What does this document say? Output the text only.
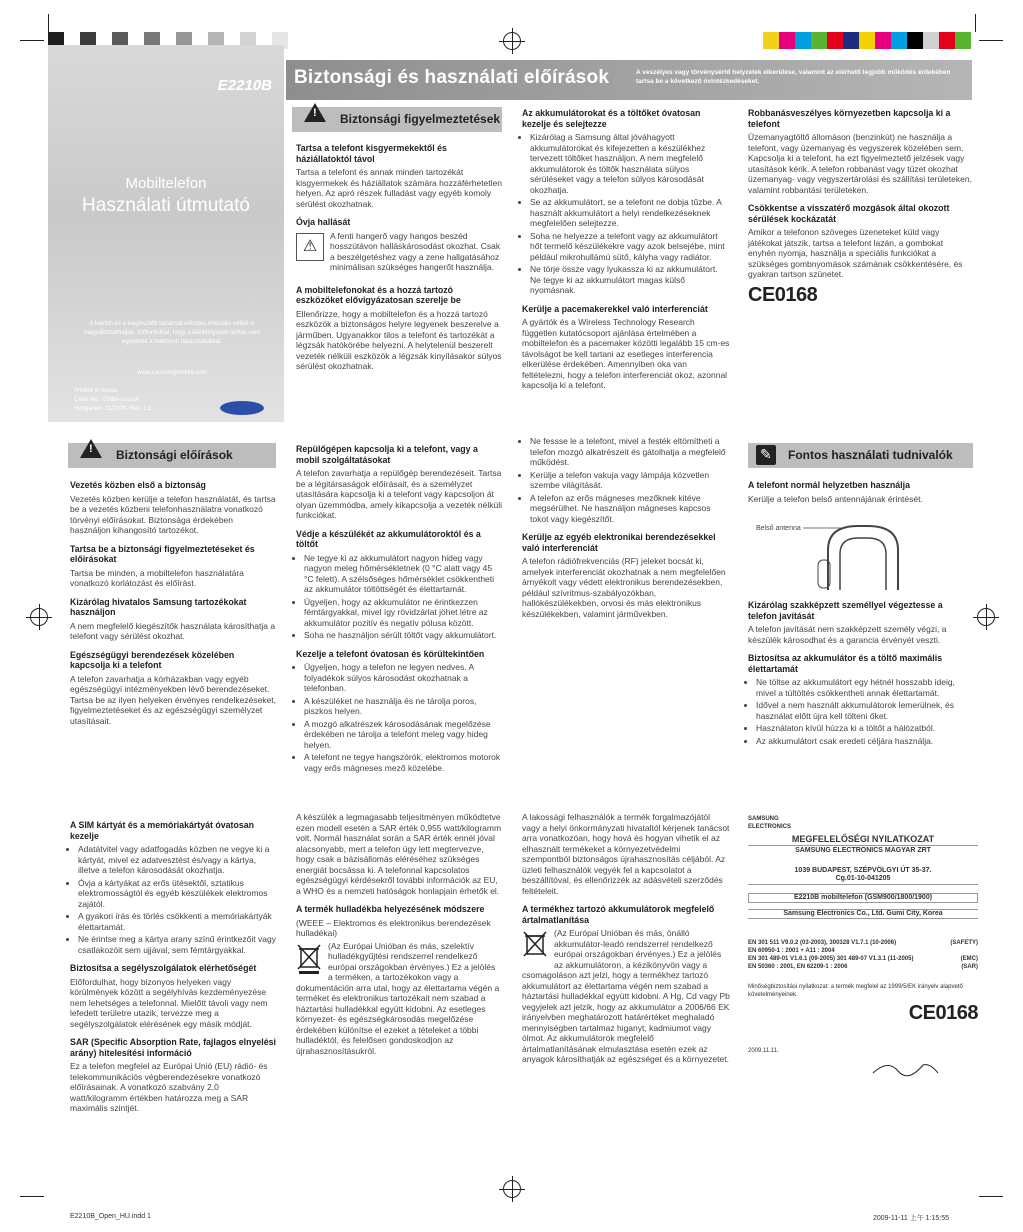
E2210B
Mobiltelefon
Használati útmutató
A telefon és a kiegészítők tartalmát előzetes értesítés nélkül is megváltoztathatjuk. Előfordulhat, hogy a kézikönyvben leírtak nem egyeznek a telefonon tapasztaltakkal.
www.samsungmobile.com
Printed in Korea
Code No.: GH68-xxxxxA
Hungarian. 11/2009. Rev. 1.1
Biztonsági és használati előírások	A veszélyes vagy törvénysértő helyzetek elkerülése, valamint az elérhető legjobb működés érdekében tartsa be a következő óvintézkedéseket.
!
Biztonsági figyelmeztetések
!
Biztonsági előírások
✎	Fontos használati tudnivalók
Tartsa a telefont kisgyermekektől és háziállatoktól távol

Tartsa a telefont és annak minden tartozékát kisgyermekek és háziállatok számára hozzáférhetetlen helyen. Az apró részek fulladást vagy egyéb komoly sérülést okozhatnak.

Óvja hallását
⚠

A fenti hangerő vagy hangos beszéd hosszútávon halláskárosodást okozhat. Csak a beszélgetéshez vagy a zene hallgatásához minimálisan szükséges hangerőt használja.

A mobiltelefonokat és a hozzá tartozó eszközöket elővigyázatosan szerelje be

Ellenőrizze, hogy a mobiltelefon és a hozzá tartozó eszközök a biztonságos helyre legyenek beszerelve a járműben. Ugyanakkor tilos a telefont és tartozékát a légzsák hatókörébe helyezni. A helytelenül beszerelt vezeték nélküli eszközök a légzsák kinyílásakor súlyos sérülést okozhatnak.

Az akkumulátorokat és a töltőket óvatosan kezelje és selejtezze
• Kizárólag a Samsung által jóváhagyott akkumulátorokat és kifejezetten a készülékhez tervezett töltőket használjon. A nem megfelelő akkumulátorok és töltők használata súlyos sérüléseket vagy a telefon súlyos károsodását okozhatja.
• Se az akkumulátort, se a telefont ne dobja tűzbe. A használt akkumulátort a helyi rendelkezéseknek megfelelően selejtezze.
• Soha ne helyezze a telefont vagy az akkumulátort hőt termelő készülékekre vagy azok belsejébe, mint például mikrohullámú sütő, kályha vagy radiátor.
• Ne törje össze vagy lyukassza ki az akkumulátort. Ne tegye ki az akkumulátort magas külső nyomásnak.
Kerülje a pacemakerekkel való interferenciát

A gyártók és a Wireless Technology Research független kutatócsoport ajánlása értelmében a mobiltelefon és a pacemaker közötti legalább 15 cm-es távolságot be kell tartani az esetleges interferencia elkerülése érdekében. Amennyiben oka van feltételezni, hogy a telefon interferenciát okoz, azonnal kapcsolja ki a telefont.

Robbanásveszélyes környezetben kapcsolja ki a telefont

Üzemanyagtöltő állomáson (benzinkút) ne használja a telefont, vagy üzemanyag és vegyszerek közelében sem. Kapcsolja ki a telefont, ha ezt figyelmeztető jelzések vagy utasítások kérik. A telefon robbanást vagy tüzet okozhat üzemanyag- vagy vegyszertárolási és szállítási területeken, valamint robbantási területeken.

Csökkentse a visszatérő mozgások által okozott sérülések kockázatát

Amikor a telefonon szöveges üzeneteket küld vagy játékokat játszik, tartsa a telefont lazán, a gombokat enyhén nyomja, használja a speciális funkciókat a szükséges gombnyomások számának csökkentésére, és gyakran tartson szünetet.

CE0168
Vezetés közben első a biztonság

Vezetés közben kerülje a telefon használatát, és tartsa be a vezetés közbeni telefonhasználatra vonatkozó törvényi előírásokat. Biztonsága érdekében használjon kihangosító tartozékot.

Tartsa be a biztonsági figyelmeztetéseket és előírásokat

Tartsa be minden, a mobiltelefon használatára vonatkozó korlátozást és előírást.

Kizárólag hivatalos Samsung tartozékokat használjon

A nem megfelelő kiegészítők használata károsíthatja a telefont vagy sérülést okozhat.

Egészségügyi berendezések közelében kapcsolja ki a telefont

A telefon zavarhatja a kórházakban vagy egyéb egészségügyi intézményekben lévő berendezéseket. Tartsa be az ilyen helyeken érvényes rendelkezéseket, figyelmeztetéseket és az egészségügyi személyzet utasításait.

Repülőgépen kapcsolja ki a telefont, vagy a mobil szolgáltatásokat

A telefon zavarhatja a repülőgép berendezéseit. Tartsa be a légitársaságok előírásait, és a személyzet utasítására kapcsolja ki a telefont vagy kapcsoljon át olyan üzemmódba, amely kikapcsolja a vezeték nélküli funkciókat.

Védje a készülékét az akkumulátoroktól és a töltőt
• Ne tegye ki az akkumulátort nagyon hideg vagy nagyon meleg hőmérsékletnek (0 °C alatt vagy 45 °C felett). A szélsőséges hőmérséklet csökkentheti az akkumulátor töltöttségét és élettartamát.
• Ügyeljen, hogy az akkumulátor ne érintkezzen fémtárgyakkal, mivel így rövidzárlat jöhet létre az akkumulátor pozitív és negatív pólusa között.
• Soha ne használjon sérült töltőt vagy akkumulátort.
Kezelje a telefont óvatosan és körültekintően
• Ügyeljen, hogy a telefon ne legyen nedves. A folyadékok súlyos károsodást okozhatnak a telefonban.
• A készüléket ne használja és ne tárolja poros, piszkos helyen.
• A mozgó alkatrészek károsodásának megelőzése érdekében ne tárolja a telefont meleg vagy hideg helyen.
• A telefont ne tegye hangszórók, elektromos motorok vagy erős mágneses mező közelébe.
• Ne fessse le a telefont, mivel a festék eltömítheti a telefon mozgó alkatrészeit és gátolhatja a megfelelő működést.
• Kerülje a telefon vakuja vagy lámpája közvetlen szembe világítását.
• A telefon az erős mágneses mezőknek kitéve megsérülhet. Ne használjon mágneses kapcsos tokot vagy kiegészítőt.
Kerülje az egyéb elektronikai berendezésekkel való interferenciát

A telefon rádiófrekvenciás (RF) jeleket bocsát ki, amelyek interferenciát okozhatnak a nem megfelelően árnyékolt vagy védett elektronikus berendezésekben, például szívritmus-szabályozókban, hallókészülékekben, orvosi és más elektronikus készülékekben, valamint járművekben.

A telefont normál helyzetben használja

Kerülje a telefon belső antennájának érintését.

Belső antenna
Kizárólag szakképzett személlyel végeztesse a telefon javítását

A telefon javítását nem szakképzett személy végzi, a készülék károsodhat és a garancia érvényét veszti.

Biztosítsa az akkumulátor és a töltő maximális élettartamát
• Ne töltse az akkumulátort egy hétnél hosszabb ideig, mivel a túltöltés csökkentheti annak élettartamát.
• Idővel a nem használt akkumulátorok lemerülnek, és használat előtt újra kell tölteni őket.
• Használaton kívül húzza ki a töltőt a hálózatból.
• Az akkumulátort csak eredeti céljára használja.
A SIM kártyát és a memóriakártyát óvatosan kezelje
• Adatátvitel vagy adatfogadás közben ne vegye ki a kártyát, mivel ez adatvesztést és/vagy a kártya, illetve a telefon károsodását okozhatja.
• Óvja a kártyákat az erős ütésektől, sztatikus elektromosságtól és egyéb készülékek elektromos zajától.
• A gyakori írás és törlés csökkenti a memóriakártyák élettartamát.
• Ne érintse meg a kártya arany színű érintkezőit vagy csatlakozóit sem ujjával, sem fémtárgyakkal.
Biztosítsa a segélyszolgálatok elérhetőségét

Előfordulhat, hogy bizonyos helyeken vagy körülmények között a segélyhívás kezdeményezése nem lehetséges a telefonnal. Mielőtt távoli vagy nem lefedett területre utazik, tervezze meg a segélyszolgálatok elérésének egy másik módját.

SAR (Specific Absorption Rate, fajlagos elnyelési arány) hitelesítési információ

Ez a telefon megfelel az Európai Unió (EU) rádió- és telekommunikációs végberendezésekre vonatkozó előírásainak. A vonatkozó szabvány 2,0 watt/kilogramm értékben határozza meg a SAR maximális szintjét.

A készülék a legmagasabb teljesítményen működtetve ezen modell esetén a SAR érték 0,955 watt/kilogramm volt. Normál használat során a SAR érték ennél jóval alacsonyabb, mert a telefon úgy lett megtervezve, hogy csak a bázisállomás eléréséhez szükséges energiát bocsássa ki. A telefonnal kapcsolatos egészségügyi kérdésekről további információk az EU, a WHO és a nemzeti hatóságok honlapjain érhetők el.

A termék hulladékba helyezésének módszere

(WEEE – Elektromos és elektronikus berendezések hulladékai)

(Az Európai Unióban és más, szelektív hulladékgyűjtési rendszerrel rendelkező európai országokban érvényes.) Ez a jelölés a terméken, a tartozékokon vagy a dokumentáción arra utal, hogy az élettartama végén a terméket és elektronikus tartozékait nem szabad a háztartási hulladékkal együtt kidobni. Az esetleges környezet- és egészségkárosodás megelőzése érdekében különítse el ezeket a tételeket a többi hulladéktól, és felelősen gondoskodjon az újrahasznosításukról.

A lakossági felhasználók a termék forgalmazójától vagy a helyi önkormányzati hivataltól kérjenek tanácsot arra vonatkozóan, hogy hová és hogyan vihetik el az elhasznált termékeket a környezetvédelmi szempontból biztonságos újrahasznosítás céljából. Az üzleti felhasználók vegyék fel a kapcsolatot a beszállítóval, és ellenőrizzék az adásvételi szerződés feltételeit.

A termékhez tartozó akkumulátorok megfelelő ártalmatlanítása

(Az Európai Unióban és más, önálló akkumulátor-leadó rendszerrel rendelkező európai országokban érvényes.) Ez a jelölés az akkumulátoron, a kézikönyvön vagy a csomagoláson azt jelzi, hogy a termékhez tartozó akkumulátort az élettartama végén nem szabad a háztartási hulladékkal együtt kidobni. A Hg, Cd vagy Pb vegyjelek azt jelzik, hogy az akkumulátor a 2006/66 EK irányelvben meghatározott határértéket meghaladó mennyiségben tartalmaz higanyt, kadmiumot vagy ólmot. Az akkumulátorok megfelelő ártalmatlanításának elmulasztása esetén ezek az anyagok károsíthatják az egészséget és a környezetet.

SAMSUNG ELECTRONICS
MEGFELELŐSÉGI NYILATKOZAT
SAMSUNG ELECTRONICS MAGYAR ZRT
1039 BUDAPEST, SZÉPVÖLGYI ÚT 35-37.
Cg.01-10-041205
E2210B mobiltelefon (GSM900/1800/1900)
Samsung Electronics Co., Ltd. Gumi City, Korea
EN 301 511 V9.0.2 (03-2003), 300328 V1.7.1 (10-2006)	(SAFETY)
EN 60950-1 : 2001 + A11 : 2004
EN 301 489-01 V1.6.1 (09-2005) 301 489-07 V1.3.1 (11-2005)	(EMC)
EN 50360 : 2001, EN 62209-1 : 2006	(SAR)
Minőségbiztosítási nyilatkozat: a termék megfelel az 1999/5/EK irányelv alapvető követelményeinek.
CE0168
2009.11.11.
E2210B_Open_HU.indd 1	2009-11-11 上午 1:15:55
